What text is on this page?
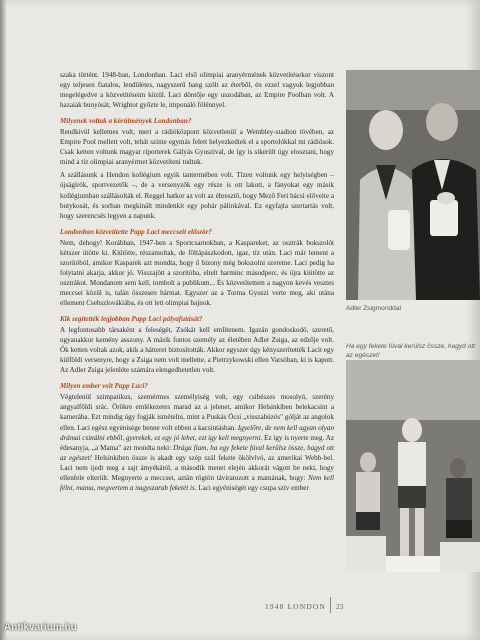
szaka történt. 1948-ban, Londonban. Laci első olimpiai aranyérmének közvetítésekor viszont egy teljesen fiatalos, lendületes, nagyszerű hang szólt az éterből, én ezzel vagyok legjobban megelégedve a közvetítéseim közül. Laci döntője egy uszodában, az Empire Poolban volt. A hazaiak bunyósát, Wrightot győzte le, imponáló fölénnyel.

Milyenek voltak a körülmények Londonban?

Rendkívül kellemes volt, mert a rádióközpont közvetlenül a Wembley-stadion tövében, az Empire Pool mellett volt, tehát szinte egymás felett helyezkedtek el a sportolókkal mi rádiósok. Csak ketten voltunk magyar riporterek Gályás Gyuszival, de így is sikerült úgy elosztani, hogy mind a tíz olimpiai aranyérmet közvetíteni tudtuk.

A szállásunk a Hendon kollégium egyik tantermében volt. Tízen voltunk egy helyiségben – újságírók, sportvezetők –, de a versenyzők egy része is ott lakott, a fányokat egy másik kollégiumban szállásolták el. Reggel hatkor az volt az ébresztő, hogy Mező Feri bácsi előveite a butykosát, és sorban megkínált mindenkit egy pohár pálinkával. Ez egyfajta szertartás volt, hogy szerencsés legyen a napunk.

Londonban közvetítette Papp Laci meccseit először?

Nem, dehogy! Korábban, 1947-ben a Sportcsarnokban, a Kaspareket, az osztrák bokszolót kétszer ütötte ki. Kiütötte, részamoltak, de föltápászkodott, igaz, tíz után. Laci már lement a szorítóból, amikor Kasparek azt mondta, hogy ő bizony még bokszolni szeretne. Laci pedig ha folytatni akarja, akkor jó. Visszajött a szorítóba, eltelt harminc másodperc, és újra kiütötte az osztrákot. Mondanom sem kell, tombolt a publikum... És közvetítettem a nagyon kevés vesztes meccsei közül is, talán összesen hármat. Egyszer az a Torma Gyuszi verte meg, aki utána ellement Csehszlovákiába, és ott lett olimpiai bajnok.

Kik segítették legjobban Papp Laci pályafutását?

A legfontosabb társaként a feleségét, Zsókát kell említenem. Igazán gondoskodó, szerető, ugyanakkor kemény asszony. A másik fontos személy az életében Adler Zsiga, az edzője volt. Ők ketten voltak azok, akik a hátteret biztosították. Akkor egyszer úgy kényszerítették Lacit egy külföldi versenyre, hogy a Zsiga nem volt mellette, a Pietrzykowski ellen Varsóban, ki is kapott. Az Adler Zsiga jelenléte számára elengedhetetlen volt.

Milyen ember volt Papp Laci?

Végtelenül szimpatikus, szemérmes személyiség volt, egy csibészes mosolyú, szerény angyalföldi srác. Örökre emlékezetes marad az a jelenet, amikor Helsinkiben belekacsint a kamerába. Ezt mindig úgy fogják ismételni, mint a Puskás Öcsi „visszahúzós" gólját az angolok ellen. Laci egész egyénisége benne volt ebben a kacsintásban. Igyelőre, de nem kell ugyan olyan drámai csinálni ebből, gyerekek, ez egy jó lehet, ezt így kell megnyerni. Ez így is nyerte meg. Az édesanyja, „a Mama" azt mondta neki: Drága fiam, ha egy fekete fúval kerülsz össze, hagyd ott az egészet! Helsinkiben össze is akadt egy szép szál fekete ökölvívó, az amerikai Webb-bel. Laci nem ijedt meg a sajt ámyékától, a második menet elején akkorát vágott be neki, hogy ellenfele elterült. Megnyerte a meccset, aztán rögtön táviratozott a mamának, hogy: Nem kell félni, mama, megvertem a nagyszarab feketét is. Laci egyéniségét egy csupa szív ember

Adler Zsigmonddal
Ha egy fekete fúval kerülsz össze, hagyd ott az egészet!
1948 LONDON 23
Antikvarium.hu
